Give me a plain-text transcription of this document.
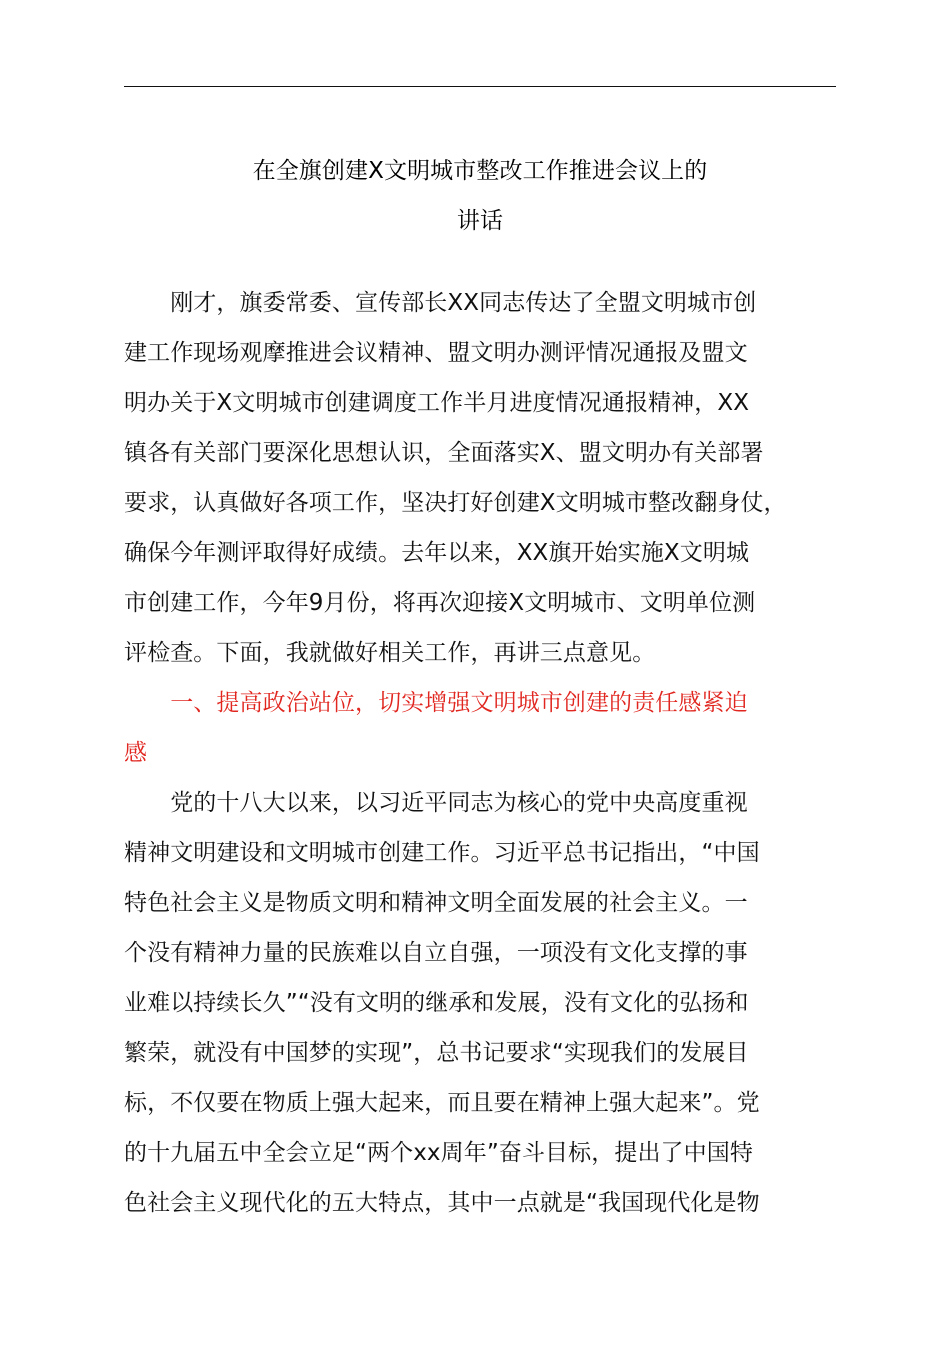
在全旗创建X文明城市整改工作推进会议上的
讲话
　　刚才，旗委常委、宣传部长XX同志传达了全盟文明城市创
建工作现场观摩推进会议精神、盟文明办测评情况通报及盟文
明办关于X文明城市创建调度工作半月进度情况通报精神，XX
镇各有关部门要深化思想认识，全面落实X、盟文明办有关部署
要求，认真做好各项工作，坚决打好创建X文明城市整改翻身仗，
确保今年测评取得好成绩。去年以来，XX旗开始实施X文明城
市创建工作，今年9月份，将再次迎接X文明城市、文明单位测
评检查。下面，我就做好相关工作，再讲三点意见。
　　一、提高政治站位，切实增强文明城市创建的责任感紧迫
感
　　党的十八大以来，以习近平同志为核心的党中央高度重视
精神文明建设和文明城市创建工作。习近平总书记指出，“中国
特色社会主义是物质文明和精神文明全面发展的社会主义。一
个没有精神力量的民族难以自立自强，一项没有文化支撑的事
业难以持续长久”“没有文明的继承和发展，没有文化的弘扬和
繁荣，就没有中国梦的实现”，总书记要求“实现我们的发展目
标，不仅要在物质上强大起来，而且要在精神上强大起来”。党
的十九届五中全会立足“两个xx周年”奋斗目标，提出了中国特
色社会主义现代化的五大特点，其中一点就是“我国现代化是物
